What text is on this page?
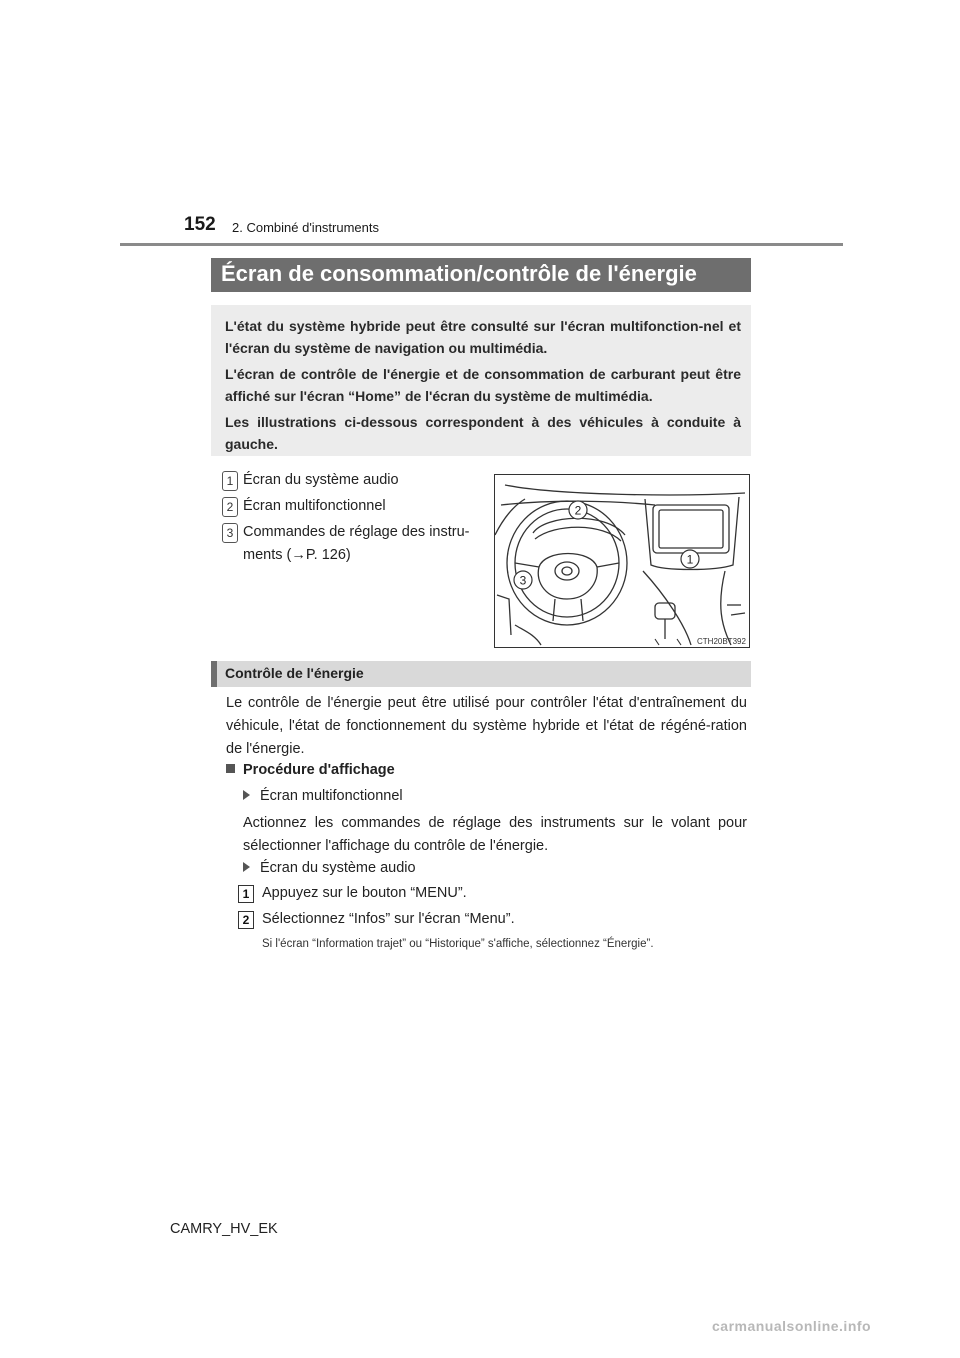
152 2. Combiné d'instruments
Écran de consommation/contrôle de l'énergie

L'état du système hybride peut être consulté sur l'écran multifonction-nel et l'écran du système de navigation ou multimédia.

L'écran de contrôle de l'énergie et de consommation de carburant peut être affiché sur l'écran “Home” de l'écran du système de multimédia.

Les illustrations ci-dessous correspondent à des véhicules à conduite à gauche.

1 Écran du système audio
2 Écran multifonctionnel
3 Commandes de réglage des instru-
ments (→P. 126)
2
1
3
CTH20BT392
Contrôle de l'énergie
Le contrôle de l'énergie peut être utilisé pour contrôler l'état d'entraînement du véhicule, l'état de fonctionnement du système hybride et l'état de régéné-ration de l'énergie.
Procédure d'affichage
Écran multifonctionnel
Actionnez les commandes de réglage des instruments sur le volant pour sélectionner l'affichage du contrôle de l'énergie.
Écran du système audio
1 Appuyez sur le bouton “MENU”.
2 Sélectionnez “Infos” sur l'écran “Menu”.
Si l'écran “Information trajet” ou “Historique” s'affiche, sélectionnez “Énergie”.
CAMRY_HV_EK
carmanualsonline.info
